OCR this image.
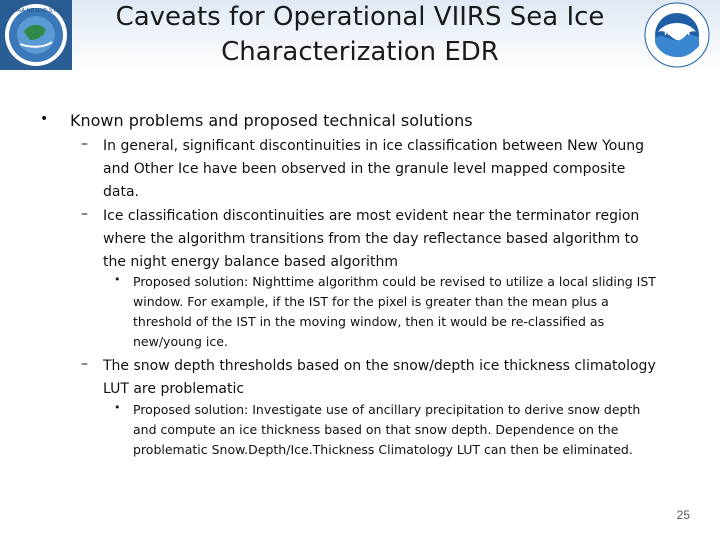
NOAA NESDIS STAR	Caveats for Operational VIIRS Sea Ice
Characterization EDR
NOAA
• Known problems and proposed technical solutions

– In general, significant discontinuities in ice classification between New Young
and Other Ice have been observed in the granule level mapped composite
data.
– Ice classification discontinuities are most evident near the terminator region
where the algorithm transitions from the day reflectance based algorithm to
the night energy balance based algorithm
• Proposed solution: Nighttime algorithm could be revised to utilize a local sliding IST
window. For example, if the IST for the pixel is greater than the mean plus a
threshold of the IST in the moving window, then it would be re-classified as
new/young ice.
– The snow depth thresholds based on the snow/depth ice thickness climatology
LUT are problematic
• Proposed solution: Investigate use of ancillary precipitation to derive snow depth
and compute an ice thickness based on that snow depth. Dependence on the
problematic Snow.Depth/Ice.Thickness Climatology LUT can then be eliminated.
25
